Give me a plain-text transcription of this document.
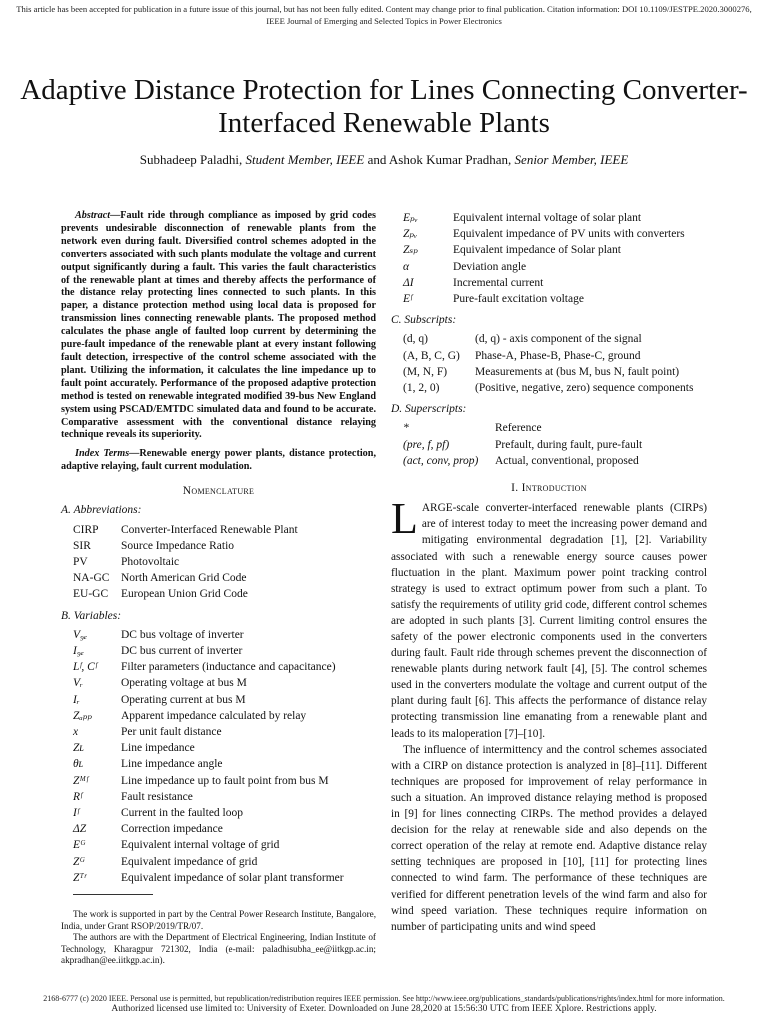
This article has been accepted for publication in a future issue of this journal, but has not been fully edited. Content may change prior to final publication. Citation information: DOI 10.1109/JESTPE.2020.3000276, IEEE Journal of Emerging and Selected Topics in Power Electronics
Adaptive Distance Protection for Lines Connecting Converter-Interfaced Renewable Plants
Subhadeep Paladhi, Student Member, IEEE and Ashok Kumar Pradhan, Senior Member, IEEE
Abstract—Fault ride through compliance as imposed by grid codes prevents undesirable disconnection of renewable plants from the network even during fault. Diversified control schemes adopted in the converters associated with such plants modulate the voltage and current output significantly during a fault. This varies the fault characteristics of the renewable plant at times and thereby affects the performance of the distance relay protecting lines connected to such plants. In this paper, a distance protection method using local data is proposed for transmission lines connecting renewable plants. The proposed method calculates the phase angle of faulted loop current by determining the pure-fault impedance of the renewable plant at every instant following fault detection, irrespective of the control scheme associated with the plant. Utilizing the information, it calculates the line impedance up to fault point accurately. Performance of the proposed adaptive protection method is tested on renewable integrated modified 39-bus New England system using PSCAD/EMTDC simulated data and found to be accurate. Comparative assessment with the conventional distance relaying technique reveals its superiority.
Index Terms—Renewable energy power plants, distance protection, adaptive relaying, fault current modulation.
Nomenclature
A. Abbreviations:
CIRP	Converter-Interfaced Renewable Plant
SIR	Source Impedance Ratio
PV	Photovoltaic
NA-GC	North American Grid Code
EU-GC	European Union Grid Code
B. Variables:
V₉ₑ	DC bus voltage of inverter
I₉ₑ	DC bus current of inverter
Lᶠ, Cᶠ	Filter parameters (inductance and capacitance)
Vᵣ	Operating voltage at bus M
Iᵣ	Operating current at bus M
Zₐₚₚ	Apparent impedance calculated by relay
x	Per unit fault distance
Zʟ	Line impedance
θʟ	Line impedance angle
Zᴹᶠ	Line impedance up to fault point from bus M
Rᶠ	Fault resistance
Iᶠ	Current in the faulted loop
ΔZ	Correction impedance
Eᴳ	Equivalent internal voltage of grid
Zᴳ	Equivalent impedance of grid
Zᵀʳ	Equivalent impedance of solar plant transformer

The work is supported in part by the Central Power Research Institute, Bangalore, India, under Grant RSOP/2019/TR/07.

The authors are with the Department of Electrical Engineering, Indian Institute of Technology, Kharagpur 721302, India (e-mail: paladhisubha_ee@iitkgp.ac.in; akpradhan@ee.iitkgp.ac.in).

Eₚᵥ	Equivalent internal voltage of solar plant
Zₚᵥ	Equivalent impedance of PV units with converters
Zₛₚ	Equivalent impedance of Solar plant
α	Deviation angle
ΔI	Incremental current
Eᶠ	Pure-fault excitation voltage
C. Subscripts:
(d, q)	(d, q) - axis component of the signal
(A, B, C, G)	Phase-A, Phase-B, Phase-C, ground
(M, N, F)	Measurements at (bus M, bus N, fault point)
(1, 2, 0)	(Positive, negative, zero) sequence components
D. Superscripts:
*	Reference
(pre, f, pf)	Prefault, during fault, pure-fault
(act, conv, prop)	Actual, conventional, proposed
I. Introduction

LARGE-scale converter-interfaced renewable plants (CIRPs) are of interest today to meet the increasing power demand and mitigating environmental degradation [1], [2]. Variability associated with such a renewable energy source causes power fluctuation in the plant. Maximum power point tracking control strategy is used to extract optimum power from such a plant. To satisfy the requirements of utility grid code, different control schemes are adopted in such plants [3]. Current limiting control ensures the safety of the power electronic components used in the converters during fault. Fault ride through schemes prevent the disconnection of renewable plants during network fault [4], [5]. The control schemes used in the converters modulate the voltage and current output of the plant during fault [6]. This affects the performance of distance relay protecting transmission line emanating from a renewable plant and leads to its maloperation [7]–[10].

The influence of intermittency and the control schemes associated with a CIRP on distance protection is analyzed in [8]–[11]. Different techniques are proposed for improvement of relay performance in such a situation. An improved distance relaying method is proposed in [9] for lines connecting CIRPs. The method provides a delayed decision for the relay at renewable side and also depends on the correct operation of the relay at remote end. Adaptive distance relay setting techniques are proposed in [10], [11] for protecting lines connected to wind farm. The performance of these techniques are verified for different penetration levels of the wind farm and also for wind speed variation. These techniques require information on number of participating units and wind speed

2168-6777 (c) 2020 IEEE. Personal use is permitted, but republication/redistribution requires IEEE permission. See http://www.ieee.org/publications_standards/publications/rights/index.html for more information.
Authorized licensed use limited to: University of Exeter. Downloaded on June 28,2020 at 15:56:30 UTC from IEEE Xplore. Restrictions apply.
